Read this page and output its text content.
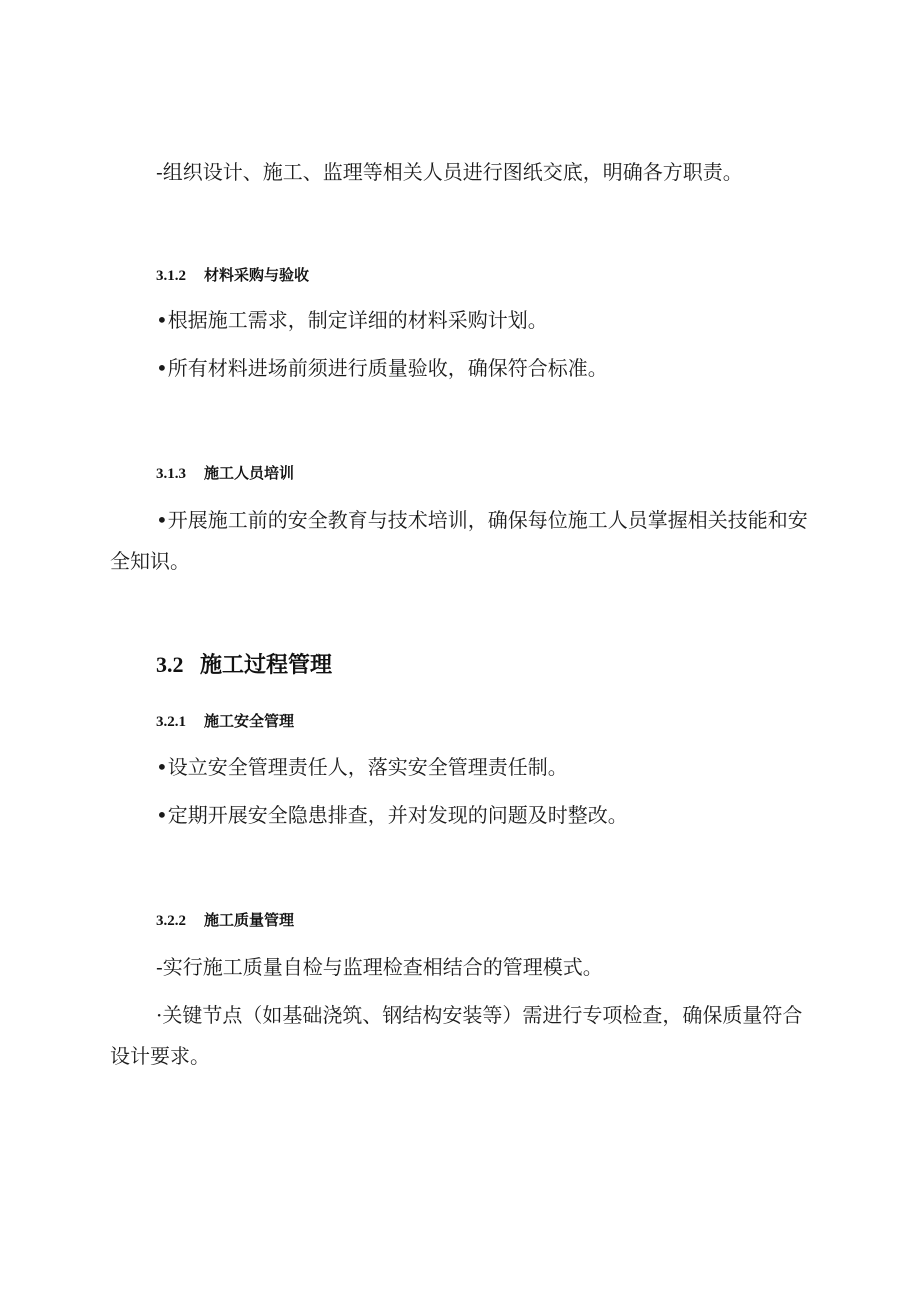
-组织设计、施工、监理等相关人员进行图纸交底，明确各方职责。

3.1.2 材料采购与验收

•根据施工需求，制定详细的材料采购计划。

•所有材料进场前须进行质量验收，确保符合标准。

3.1.3 施工人员培训

•开展施工前的安全教育与技术培训，确保每位施工人员掌握相关技能和安全知识。

3.2 施工过程管理
3.2.1 施工安全管理

•设立安全管理责任人，落实安全管理责任制。

•定期开展安全隐患排查，并对发现的问题及时整改。

3.2.2 施工质量管理

-实行施工质量自检与监理检查相结合的管理模式。

·关键节点（如基础浇筑、钢结构安装等）需进行专项检查，确保质量符合设计要求。
